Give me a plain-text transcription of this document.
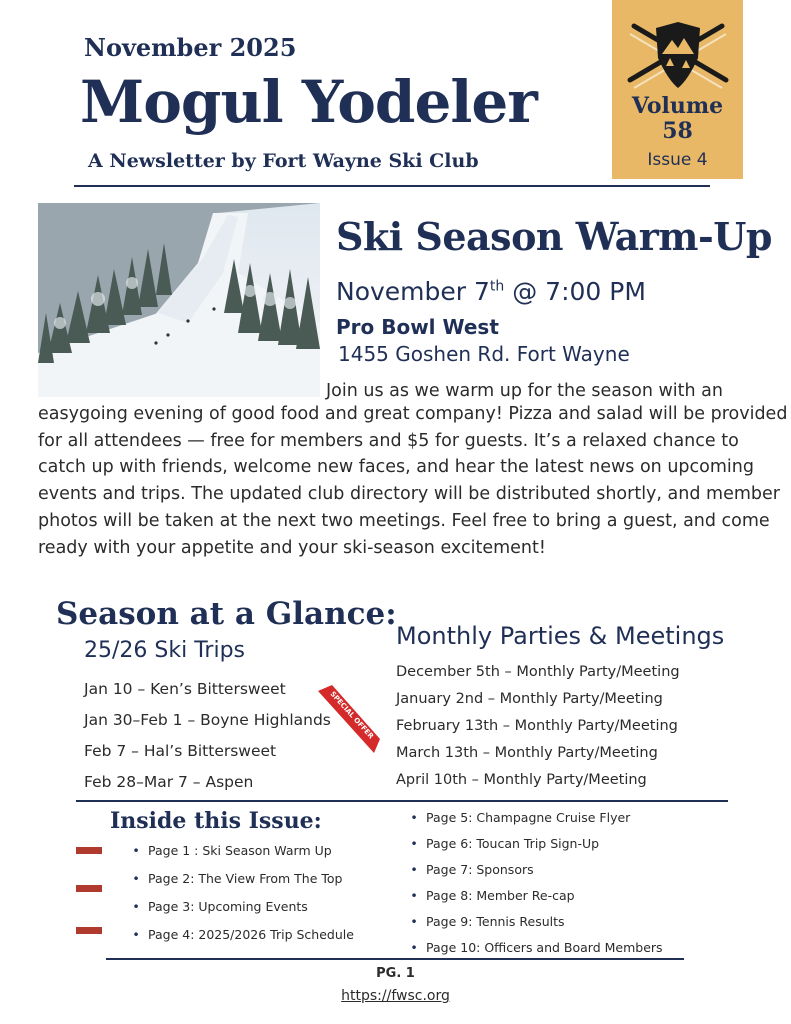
November 2025
Mogul Yodeler
A Newsletter by Fort Wayne Ski Club
Volume
58
Issue 4
Ski Season Warm-Up
November 7th @ 7:00 PM
Pro Bowl West
1455 Goshen Rd. Fort Wayne
Join us as we warm up for the season with an
easygoing evening of good food and great company! Pizza and salad will be provided for all attendees — free for members and $5 for guests. It’s a relaxed chance to catch up with friends, welcome new faces, and hear the latest news on upcoming events and trips. The updated club directory will be distributed shortly, and member photos will be taken at the next two meetings. Feel free to bring a guest, and come ready with your appetite and your ski-season excitement!
Season at a Glance:
25/26 Ski Trips
Jan 10 – Ken’s Bittersweet
Jan 30–Feb 1 – Boyne Highlands
Feb 7 – Hal’s Bittersweet
Feb 28–Mar 7 – Aspen
SPECIAL OFFER
Monthly Parties & Meetings
December 5th – Monthly Party/Meeting
January 2nd – Monthly Party/Meeting
February 13th – Monthly Party/Meeting
March 13th – Monthly Party/Meeting
April 10th – Monthly Party/Meeting
Inside this Issue:
• Page 1 : Ski Season Warm Up
• Page 2: The View From The Top
• Page 3: Upcoming Events
• Page 4: 2025/2026 Trip Schedule
• Page 5: Champagne Cruise Flyer
• Page 6: Toucan Trip Sign-Up
• Page 7: Sponsors
• Page 8: Member Re-cap
• Page 9: Tennis Results
• Page 10: Officers and Board Members
PG. 1
https://fwsc.org
